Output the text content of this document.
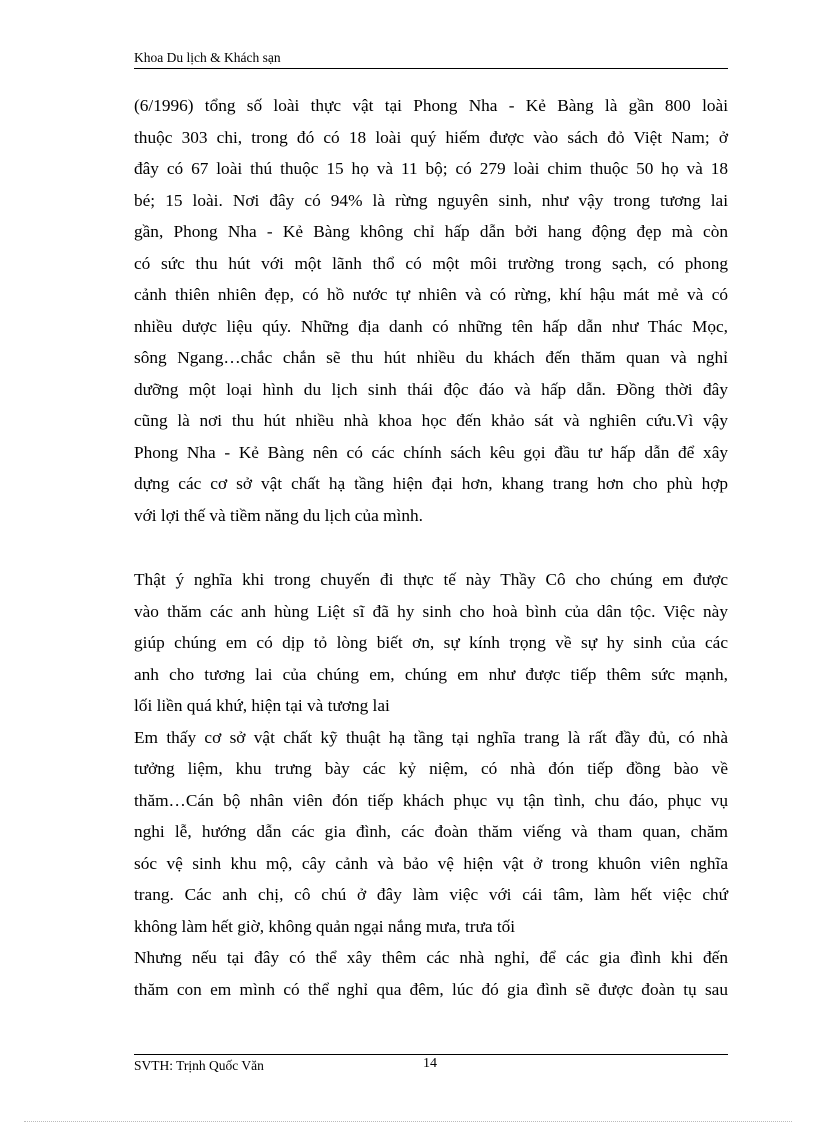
Khoa Du lịch & Khách sạn
(6/1996) tổng số loài thực vật tại Phong Nha - Kẻ Bàng là gần 800 loài
thuộc 303 chi, trong đó có 18 loài quý hiếm được vào sách đỏ Việt Nam; ở
đây có 67 loài thú thuộc 15 họ và 11 bộ; có 279 loài chim thuộc 50 họ và 18
bé; 15 loài. Nơi đây có 94% là rừng nguyên sinh, như vậy trong tương lai
gần, Phong Nha - Kẻ Bàng không chỉ hấp dẫn bởi hang động đẹp mà còn
có sức thu hút với một lãnh thổ có một môi trường trong sạch, có phong
cảnh thiên nhiên đẹp, có hồ nước tự nhiên và có rừng, khí hậu mát mẻ và có
nhiều dược liệu qúy. Những địa danh có những tên hấp dẫn như Thác Mọc,
sông Ngang…chắc chắn sẽ thu hút nhiều du khách đến thăm quan và nghỉ
dưỡng một loại hình du lịch sinh thái độc đáo và hấp dẫn. Đồng thời đây
cũng là nơi thu hút nhiều nhà khoa học đến khảo sát và nghiên cứu.Vì vậy
Phong Nha - Kẻ Bàng nên có các chính sách kêu gọi đầu tư hấp dẫn để xây
dựng các cơ sở vật chất hạ tầng hiện đại hơn, khang trang hơn cho phù hợp
với lợi thế và tiềm năng du lịch của mình.
Thật ý nghĩa khi trong chuyến đi thực tế này Thầy Cô cho chúng em được
vào thăm các anh hùng Liệt sĩ đã hy sinh cho hoà bình của dân tộc. Việc này
giúp chúng em có dịp tỏ lòng biết ơn, sự kính trọng về sự hy sinh của các
anh cho tương lai của chúng em, chúng em như được tiếp thêm sức mạnh,
lối liền quá khứ, hiện tại và tương lai
Em thấy cơ sở vật chất kỹ thuật hạ tầng tại nghĩa trang là rất đầy đủ, có nhà
tưởng liệm, khu trưng bày các kỷ niệm, có nhà đón tiếp đồng bào về
thăm…Cán bộ nhân viên đón tiếp khách phục vụ tận tình, chu đáo, phục vụ
nghi lễ, hướng dẫn các gia đình, các đoàn thăm viếng và tham quan, chăm
sóc vệ sinh khu mộ, cây cảnh và bảo vệ hiện vật ở trong khuôn viên nghĩa
trang. Các anh chị, cô chú ở đây làm việc với cái tâm, làm hết việc chứ
không làm hết giờ, không quản ngại nắng mưa, trưa tối
Nhưng nếu tại đây có thể xây thêm các nhà nghỉ, để các gia đình khi đến
thăm con em mình có thể nghỉ qua đêm, lúc đó gia đình sẽ được đoàn tụ sau
SVTH: Trịnh Quốc Văn	14
